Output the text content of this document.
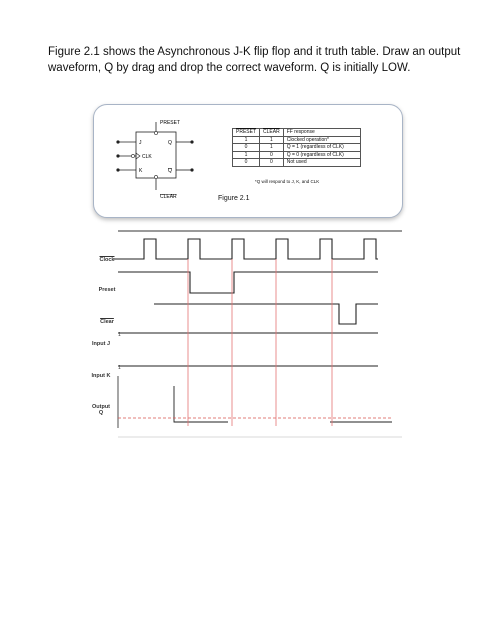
Figure 2.1 shows the Asynchronous J-K flip flop and it truth table. Draw an output waveform, Q by drag and drop the correct waveform. Q is initially LOW.

PRESET
CLEAR
J
CLK
K
Q
Q
PRESET	CLEAR	FF response
1	1	Clocked operation*
0	1	Q = 1 (regardless of CLK)
1	0	Q = 0 (regardless of CLK)
0	0	Not used
*Q will respond to J, K, and CLK
Figure 2.1
1
1
Clock
Preset
Clear
Input J
Input K
Output Q
